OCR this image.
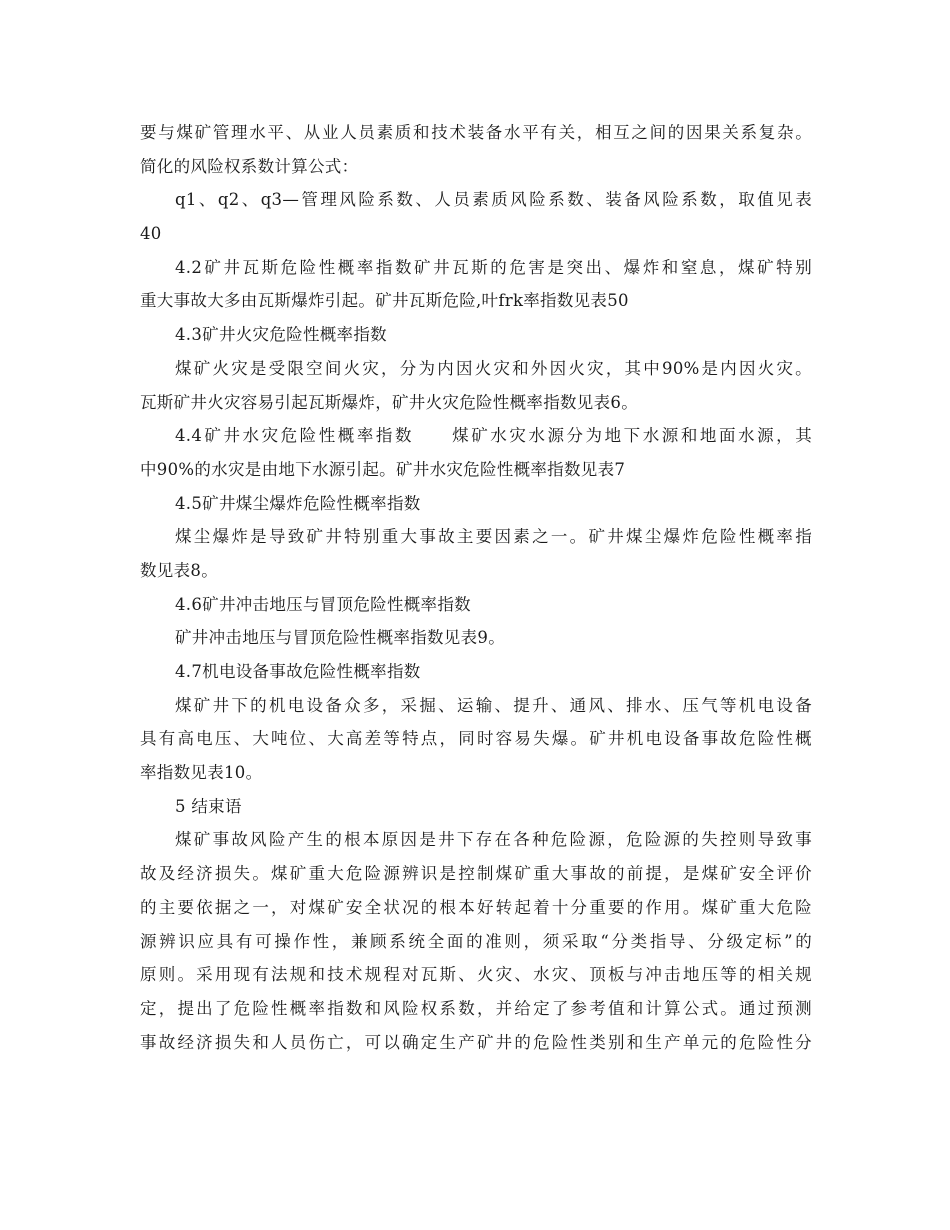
要与煤矿管理水平、从业人员素质和技术装备水平有关，相互之间的因果关系复杂。
简化的风险权系数计算公式：
q1、q2、q3—管理风险系数、人员素质风险系数、装备风险系数，取值见表
40
4.2矿井瓦斯危险性概率指数矿井瓦斯的危害是突出、爆炸和窒息，煤矿特别
重大事故大多由瓦斯爆炸引起。矿井瓦斯危险,叶frk率指数见表50
4.3矿井火灾危险性概率指数
煤矿火灾是受限空间火灾，分为内因火灾和外因火灾，其中90%是内因火灾。
瓦斯矿井火灾容易引起瓦斯爆炸，矿井火灾危险性概率指数见表6。
4.4矿井水灾危险性概率指数　　煤矿水灾水源分为地下水源和地面水源，其
中90%的水灾是由地下水源引起。矿井水灾危险性概率指数见表7
4.5矿井煤尘爆炸危险性概率指数
煤尘爆炸是导致矿井特别重大事故主要因素之一。矿井煤尘爆炸危险性概率指
数见表8。
4.6矿井冲击地压与冒顶危险性概率指数
矿井冲击地压与冒顶危险性概率指数见表9。
4.7机电设备事故危险性概率指数
煤矿井下的机电设备众多，采掘、运输、提升、通风、排水、压气等机电设备
具有高电压、大吨位、大高差等特点，同时容易失爆。矿井机电设备事故危险性概
率指数见表10。
5 结束语
煤矿事故风险产生的根本原因是井下存在各种危险源，危险源的失控则导致事
故及经济损失。煤矿重大危险源辨识是控制煤矿重大事故的前提，是煤矿安全评价
的主要依据之一，对煤矿安全状况的根本好转起着十分重要的作用。煤矿重大危险
源辨识应具有可操作性，兼顾系统全面的准则，须采取“分类指导、分级定标”的
原则。采用现有法规和技术规程对瓦斯、火灾、水灾、顶板与冲击地压等的相关规
定，提出了危险性概率指数和风险权系数，并给定了参考值和计算公式。通过预测
事故经济损失和人员伤亡，可以确定生产矿井的危险性类别和生产单元的危险性分
